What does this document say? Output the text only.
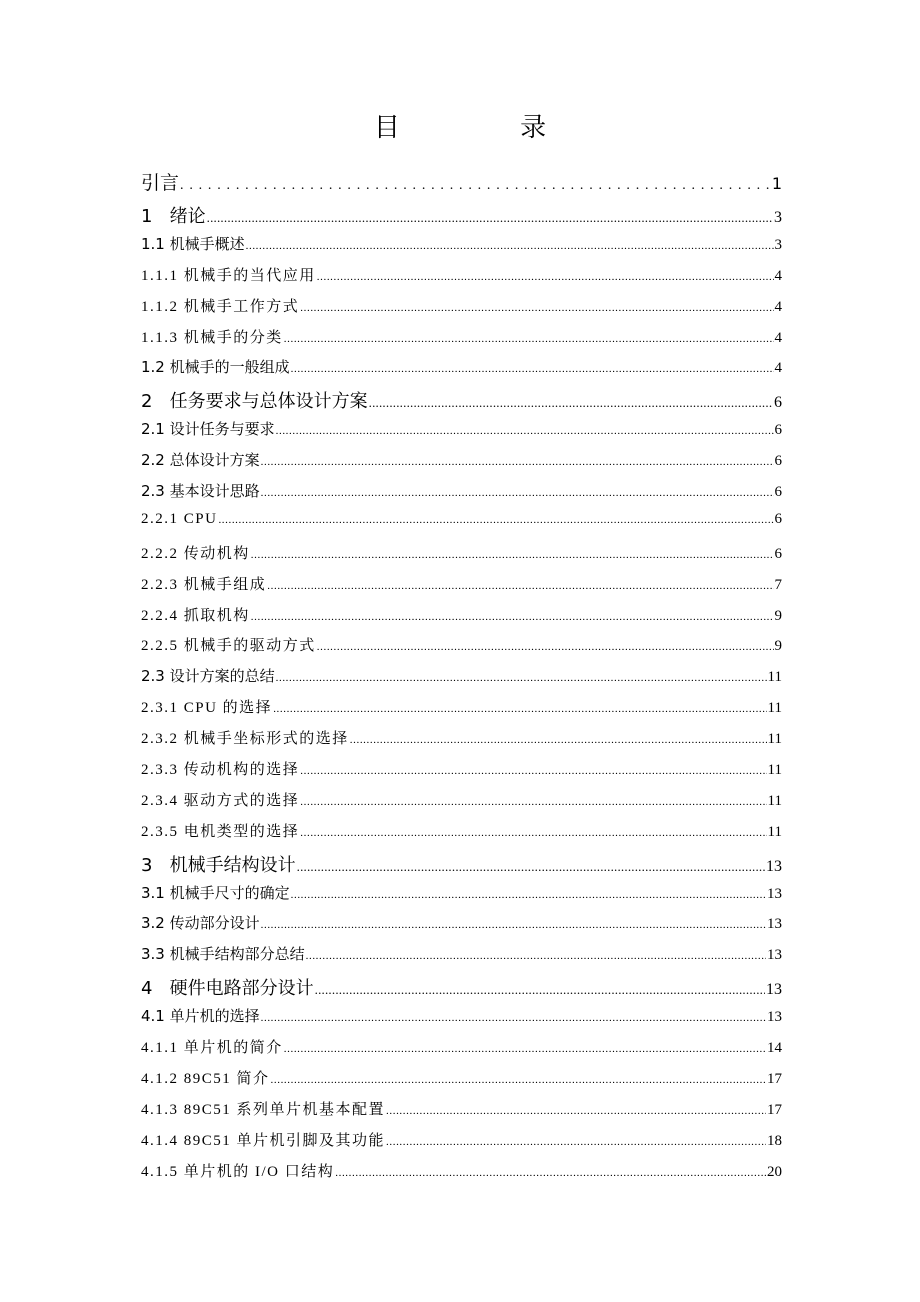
目 录
引言 .....	1
1   绪论 .....	3
1.1 机械手概述 .....	3
1.1.1 机械手的当代应用 .....	4
1.1.2 机械手工作方式 .....	4
1.1.3 机械手的分类 .....	4
1.2 机械手的一般组成 .....	4
2   任务要求与总体设计方案 .....	6
2.1 设计任务与要求 .....	6
2.2 总体设计方案 .....	6
2.3 基本设计思路 .....	6
2.2.1 CPU .....	6
2.2.2 传动机构 .....	6
2.2.3 机械手组成 .....	7
2.2.4 抓取机构 .....	9
2.2.5 机械手的驱动方式 .....	9
2.3 设计方案的总结 .....	11
2.3.1 CPU 的选择 .....	11
2.3.2 机械手坐标形式的选择 .....	11
2.3.3 传动机构的选择 .....	11
2.3.4 驱动方式的选择 .....	11
2.3.5 电机类型的选择 .....	11
3   机械手结构设计 .....	13
3.1 机械手尺寸的确定 .....	13
3.2 传动部分设计 .....	13
3.3 机械手结构部分总结 .....	13
4   硬件电路部分设计 .....	13
4.1 单片机的选择 .....	13
4.1.1 单片机的简介 .....	14
4.1.2 89C51 简介 .....	17
4.1.3 89C51 系列单片机基本配置 .....	17
4.1.4 89C51 单片机引脚及其功能 .....	18
4.1.5 单片机的 I/O 口结构 .....	20
